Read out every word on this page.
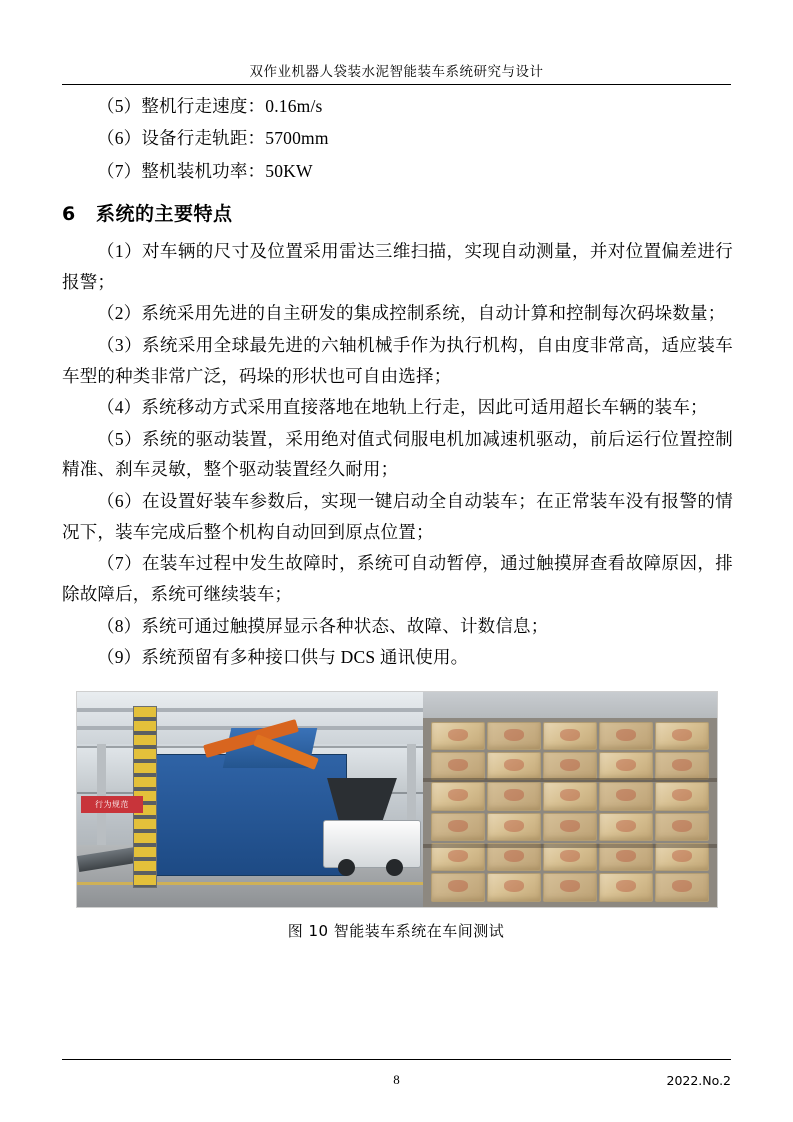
双作业机器人袋装水泥智能装车系统研究与设计

（5）整机行走速度：0.16m/s

（6）设备行走轨距：5700mm

（7）整机装机功率：50KW

6 系统的主要特点

（1）对车辆的尺寸及位置采用雷达三维扫描，实现自动测量，并对位置偏差进行报警；

（2）系统采用先进的自主研发的集成控制系统，自动计算和控制每次码垛数量；

（3）系统采用全球最先进的六轴机械手作为执行机构，自由度非常高，适应装车车型的种类非常广泛，码垛的形状也可自由选择；

（4）系统移动方式采用直接落地在地轨上行走，因此可适用超长车辆的装车；

（5）系统的驱动装置，采用绝对值式伺服电机加减速机驱动，前后运行位置控制精准、刹车灵敏，整个驱动装置经久耐用；

（6）在设置好装车参数后，实现一键启动全自动装车；在正常装车没有报警的情况下，装车完成后整个机构自动回到原点位置；

（7）在装车过程中发生故障时，系统可自动暂停，通过触摸屏查看故障原因，排除故障后，系统可继续装车；

（8）系统可通过触摸屏显示各种状态、故障、计数信息；

（9）系统预留有多种接口供与 DCS 通讯使用。

行为规范
图 10 智能装车系统在车间测试
8	2022.No.2
